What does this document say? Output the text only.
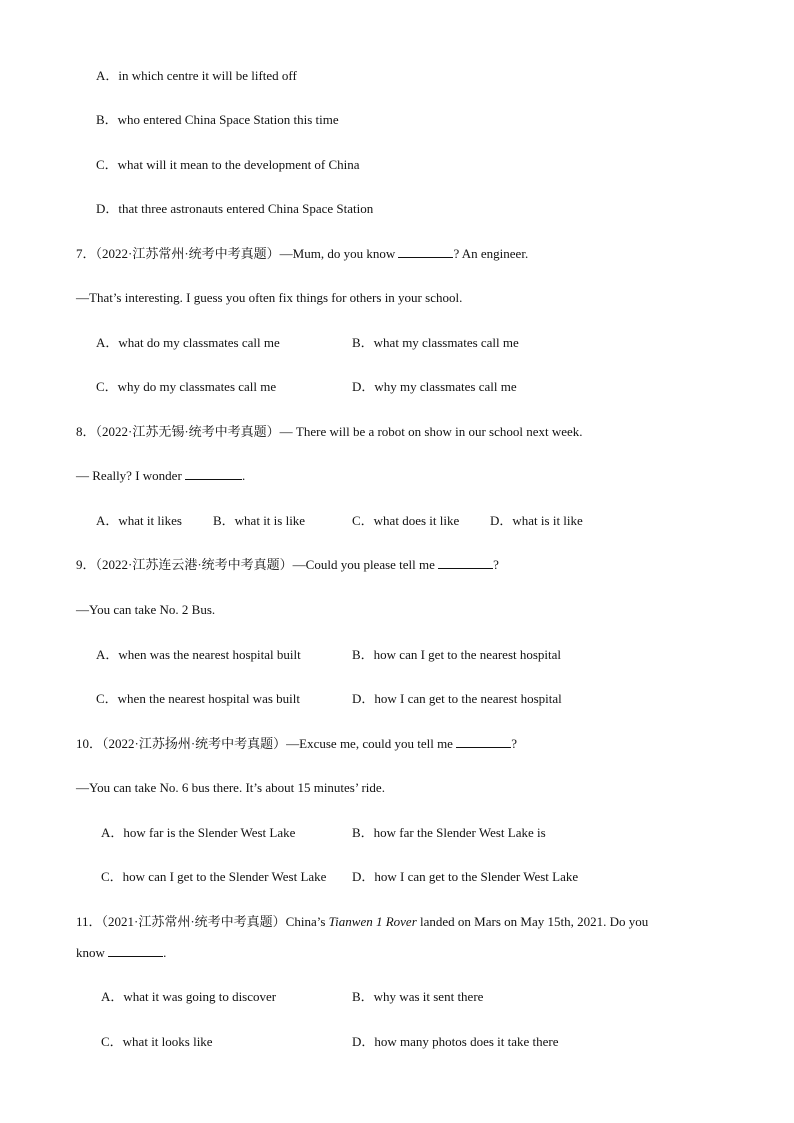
A．in which centre it will be lifted off
B．who entered China Space Station this time
C．what will it mean to the development of China
D．that three astronauts entered China Space Station
7．（2022·江苏常州·统考中考真题）—Mum, do you know	? An engineer.
—That’s interesting. I guess you often fix things for others in your school.
A．what do my classmates call me	B．what my classmates call me
C．why do my classmates call me	D．why my classmates call me
8．（2022·江苏无锡·统考中考真题）— There will be a robot on show in our school next week.
— Really? I wonder	.
A．what it likes B．what it is like	C．what does it like D．what is it like
9．（2022·江苏连云港·统考中考真题）—Could you please tell me	?
—You can take No. 2 Bus.
A．when was the nearest hospital built	B．how can I get to the nearest hospital
C．when the nearest hospital was built	D．how I can get to the nearest hospital
10．（2022·江苏扬州·统考中考真题）—Excuse me, could you tell me	?
—You can take No. 6 bus there. It’s about 15 minutes’ ride.
A．how far is the Slender West Lake	B．how far the Slender West Lake is
C．how can I get to the Slender West Lake D．how I can get to the Slender West Lake
11．（2021·江苏常州·统考中考真题）China’s Tianwen 1 Rover landed on Mars on May 15th, 2021. Do you
know	.
A．what it was going to discover	B．why was it sent there
C．what it looks like	D．how many photos does it take there
